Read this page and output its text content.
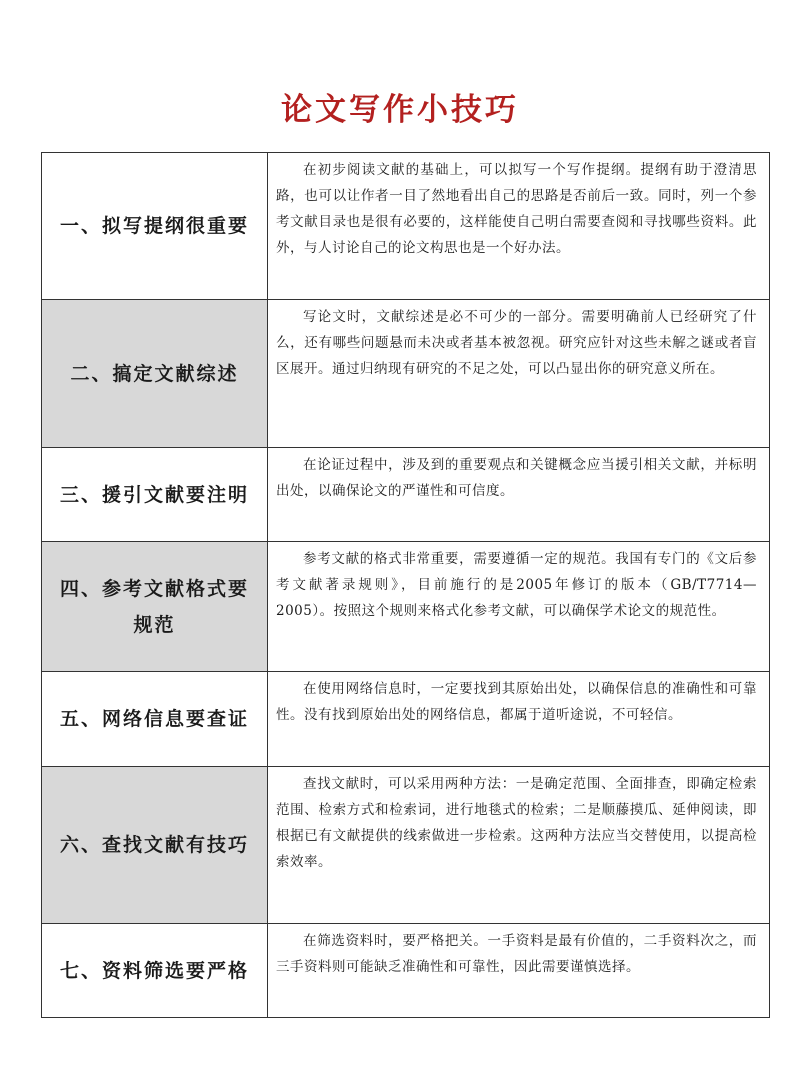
论文写作小技巧
一、拟写提纲很重要	在初步阅读文献的基础上，可以拟写一个写作提纲。提纲有助于澄清思路，也可以让作者一目了然地看出自己的思路是否前后一致。同时，列一个参考文献目录也是很有必要的，这样能使自己明白需要查阅和寻找哪些资料。此外，与人讨论自己的论文构思也是一个好办法。

二、搞定文献综述	写论文时，文献综述是必不可少的一部分。需要明确前人已经研究了什么，还有哪些问题悬而未决或者基本被忽视。研究应针对这些未解之谜或者盲区展开。通过归纳现有研究的不足之处，可以凸显出你的研究意义所在。

三、援引文献要注明	在论证过程中，涉及到的重要观点和关键概念应当援引相关文献，并标明出处，以确保论文的严谨性和可信度。

四、参考文献格式要规范	参考文献的格式非常重要，需要遵循一定的规范。我国有专门的《文后参考文献著录规则》，目前施行的是2005年修订的版本（GB/T7714—2005）。按照这个规则来格式化参考文献，可以确保学术论文的规范性。

五、网络信息要查证	在使用网络信息时，一定要找到其原始出处，以确保信息的准确性和可靠性。没有找到原始出处的网络信息，都属于道听途说，不可轻信。

六、查找文献有技巧	查找文献时，可以采用两种方法：一是确定范围、全面排查，即确定检索范围、检索方式和检索词，进行地毯式的检索；二是顺藤摸瓜、延伸阅读，即根据已有文献提供的线索做进一步检索。这两种方法应当交替使用，以提高检索效率。

七、资料筛选要严格	在筛选资料时，要严格把关。一手资料是最有价值的，二手资料次之，而三手资料则可能缺乏准确性和可靠性，因此需要谨慎选择。
